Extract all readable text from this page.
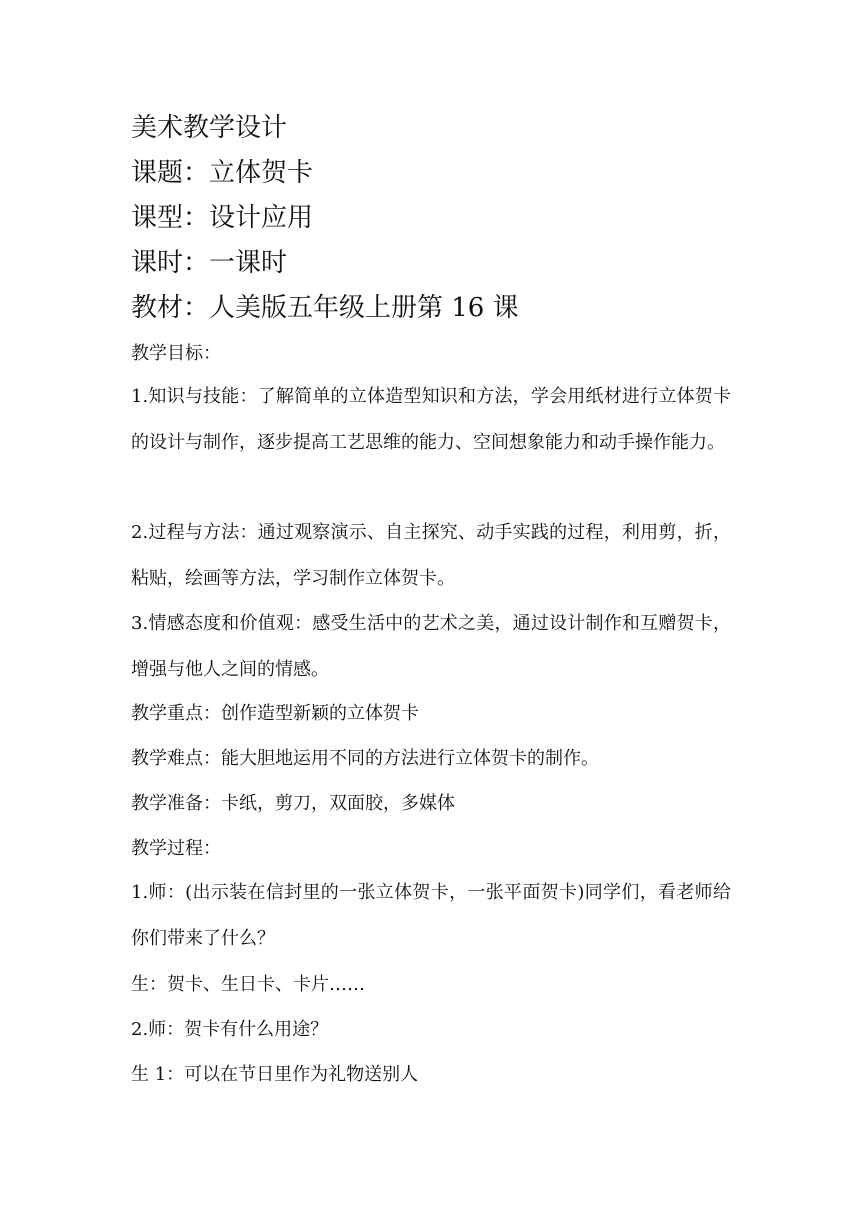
美术教学设计
课题：立体贺卡
课型：设计应用
课时：一课时
教材：人美版五年级上册第 16 课
教学目标：
1.知识与技能：了解简单的立体造型知识和方法，学会用纸材进行立体贺卡的设计与制作，逐步提高工艺思维的能力、空间想象能力和动手操作能力。
2.过程与方法：通过观察演示、自主探究、动手实践的过程，利用剪，折，粘贴，绘画等方法，学习制作立体贺卡。
3.情感态度和价值观：感受生活中的艺术之美，通过设计制作和互赠贺卡，增强与他人之间的情感。
教学重点：创作造型新颖的立体贺卡
教学难点：能大胆地运用不同的方法进行立体贺卡的制作。
教学准备：卡纸，剪刀，双面胶，多媒体
教学过程：
1.师：(出示装在信封里的一张立体贺卡，一张平面贺卡)同学们，看老师给你们带来了什么？
生：贺卡、生日卡、卡片……
2.师：贺卡有什么用途？
生 1：可以在节日里作为礼物送别人
